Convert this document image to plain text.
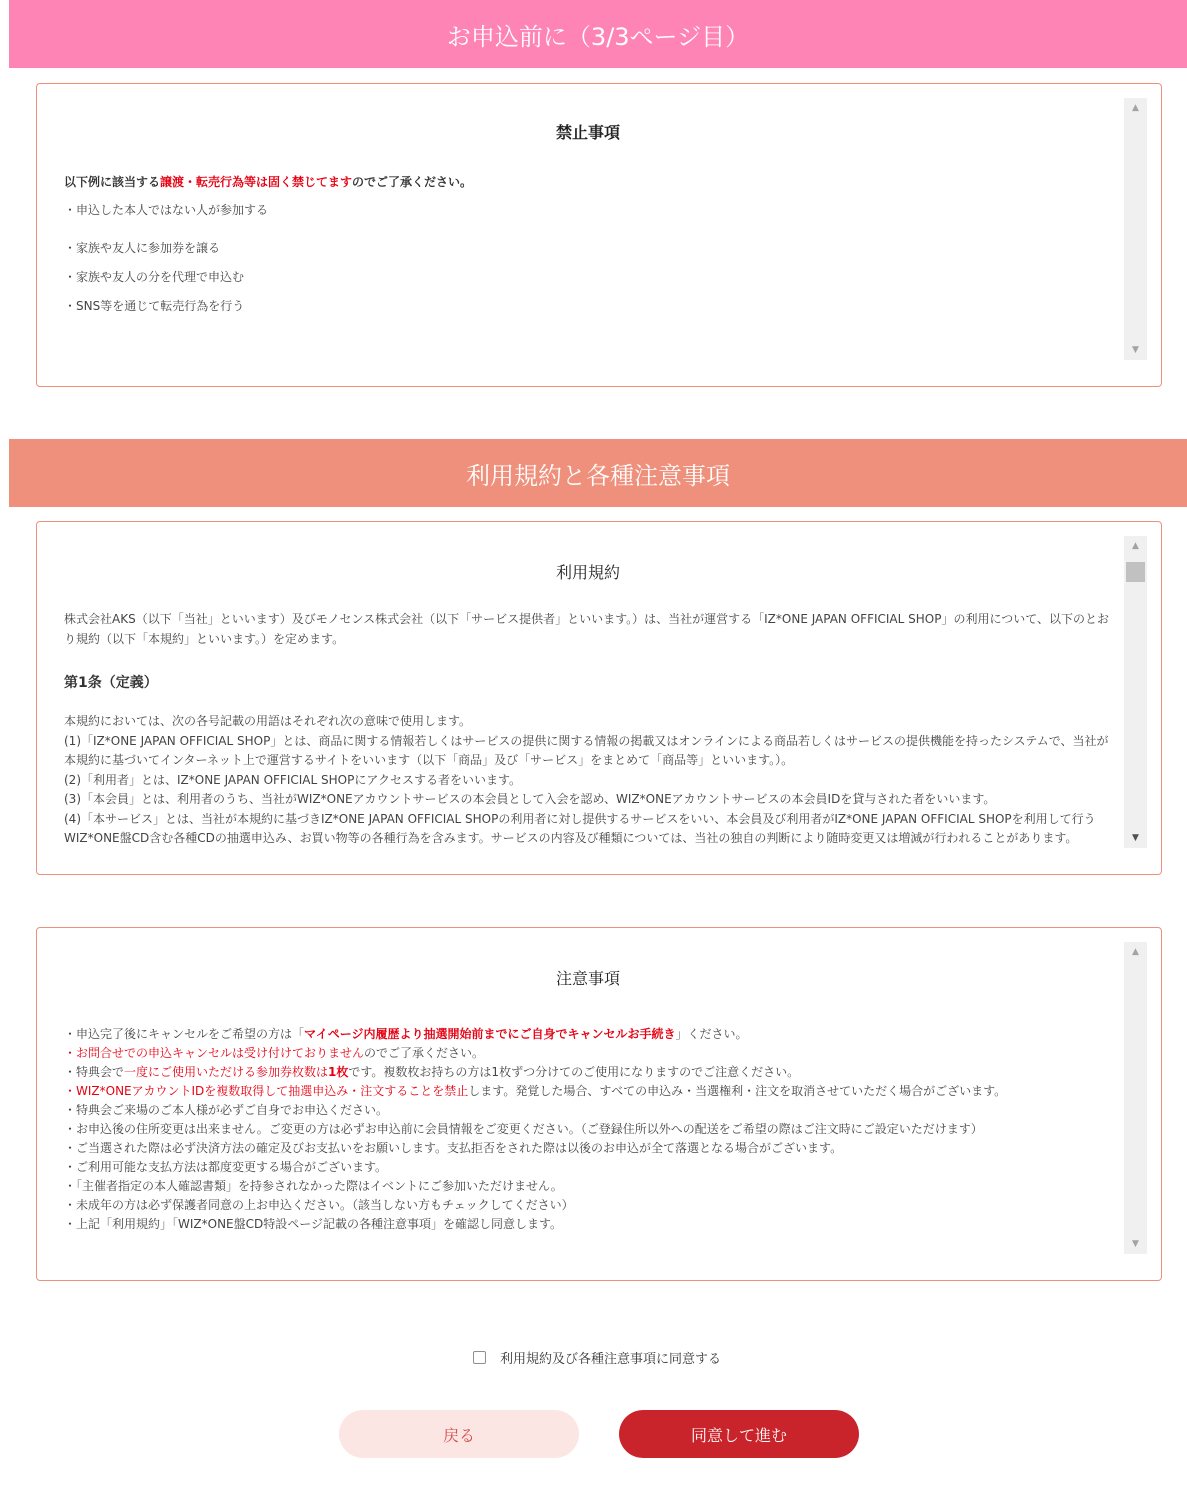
お申込前に（3/3ページ目）
禁止事項
以下例に該当する譲渡・転売行為等は固く禁じてますのでご了承ください。
・申込した本人ではない人が参加する
・家族や友人に参加券を譲る
・家族や友人の分を代理で申込む
・SNS等を通じて転売行為を行う
▲
▼
利用規約と各種注意事項
利用規約
株式会社AKS（以下「当社」といいます）及びモノセンス株式会社（以下「サービス提供者」といいます。）は、当社が運営する「IZ*ONE JAPAN OFFICIAL SHOP」の利用について、以下のとおり規約（以下「本規約」といいます。）を定めます。
第1条（定義）

本規約においては、次の各号記載の用語はそれぞれ次の意味で使用します。

(1)「IZ*ONE JAPAN OFFICIAL SHOP」とは、商品に関する情報若しくはサービスの提供に関する情報の掲載又はオンラインによる商品若しくはサービスの提供機能を持ったシステムで、当社が本規約に基づいてインターネット上で運営するサイトをいいます（以下「商品」及び「サービス」をまとめて「商品等」といいます。）。

(2)「利用者」とは、IZ*ONE JAPAN OFFICIAL SHOPにアクセスする者をいいます。

(3)「本会員」とは、利用者のうち、当社がWIZ*ONEアカウントサービスの本会員として入会を認め、WIZ*ONEアカウントサービスの本会員IDを貸与された者をいいます。

(4)「本サービス」とは、当社が本規約に基づきIZ*ONE JAPAN OFFICIAL SHOPの利用者に対し提供するサービスをいい、本会員及び利用者がIZ*ONE JAPAN OFFICIAL SHOPを利用して行うWIZ*ONE盤CD含む各種CDの抽選申込み、お買い物等の各種行為を含みます。サービスの内容及び種類については、当社の独自の判断により随時変更又は増減が行われることがあります。

▲
▼
注意事項

・申込完了後にキャンセルをご希望の方は「マイページ内履歴より抽選開始前までにご自身でキャンセルお手続き」ください。

・お問合せでの申込キャンセルは受け付けておりませんのでご了承ください。

・特典会で一度にご使用いただける参加券枚数は1枚です。複数枚お持ちの方は1枚ずつ分けてのご使用になりますのでご注意ください。

・WIZ*ONEアカウントIDを複数取得して抽選申込み・注文することを禁止します。発覚した場合、すべての申込み・当選権利・注文を取消させていただく場合がございます。

・特典会ご来場のご本人様が必ずご自身でお申込ください。

・お申込後の住所変更は出来ません。ご変更の方は必ずお申込前に会員情報をご変更ください。（ご登録住所以外への配送をご希望の際はご注文時にご設定いただけます）

・ご当選された際は必ず決済方法の確定及びお支払いをお願いします。支払拒否をされた際は以後のお申込が全て落選となる場合がございます。

・ご利用可能な支払方法は都度変更する場合がございます。

・「主催者指定の本人確認書類」を持参されなかった際はイベントにご参加いただけません。

・未成年の方は必ず保護者同意の上お申込ください。（該当しない方もチェックしてください）

・上記「利用規約」「WIZ*ONE盤CD特設ページ記載の各種注意事項」を確認し同意します。

▲
▼
利用規約及び各種注意事項に同意する
戻る	同意して進む
